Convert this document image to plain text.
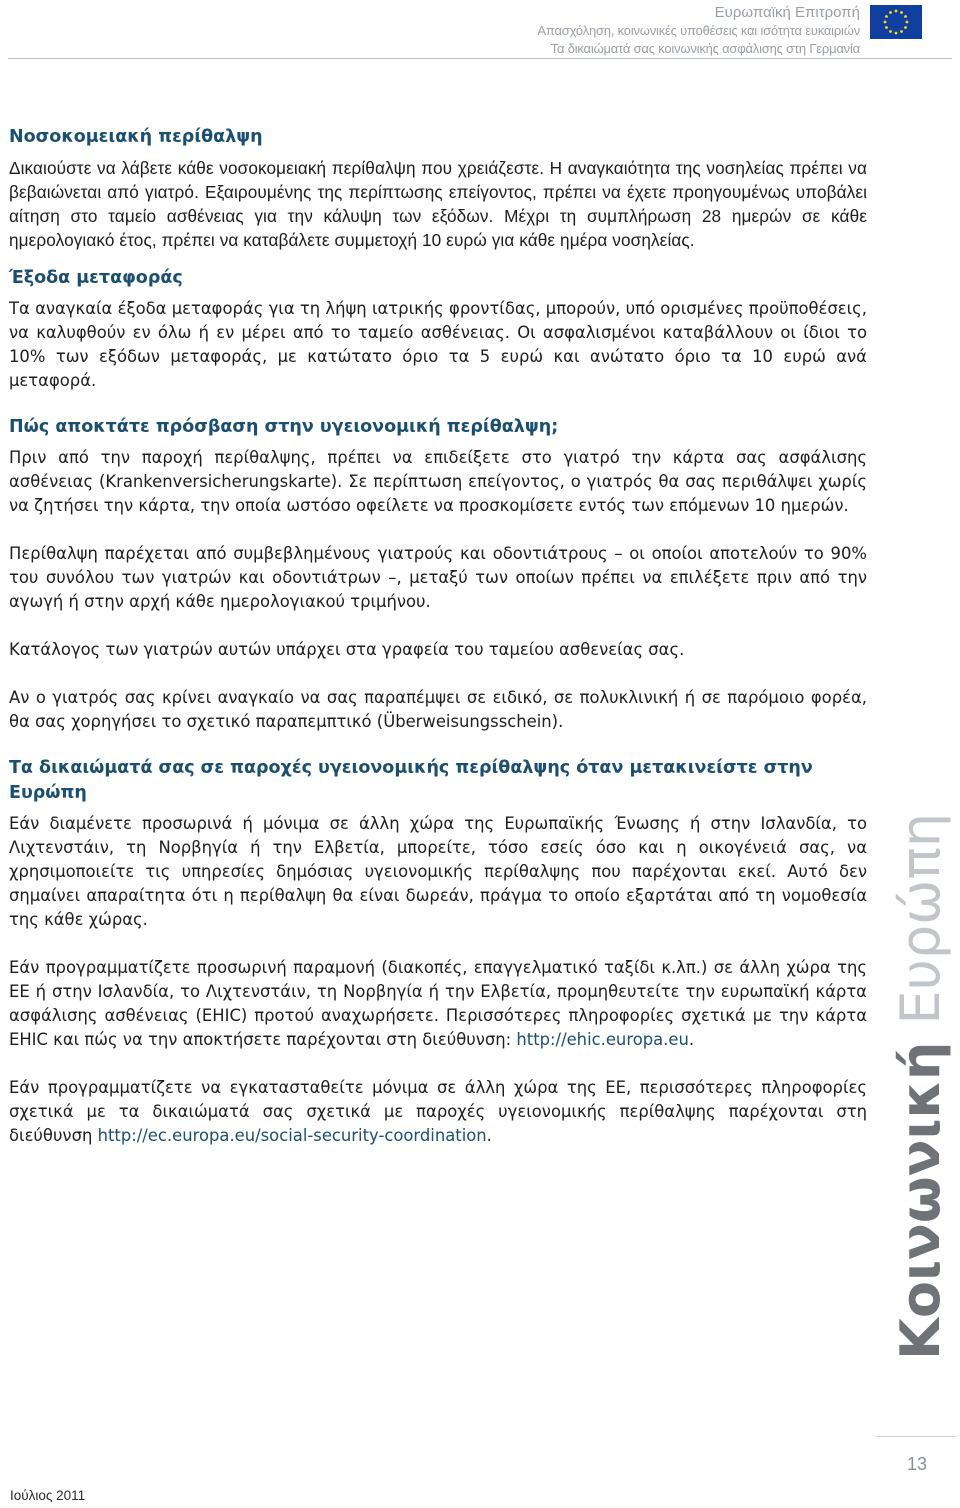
Ευρωπαϊκή Επιτροπή
Απασχόληση, κοινωνικές υποθέσεις και ισότητα ευκαιριών
Τα δικαιώματά σας κοινωνικής ασφάλισης στη Γερμανία
Νοσοκομειακή περίθαλψη

Δικαιούστε να λάβετε κάθε νοσοκομειακή περίθαλψη που χρειάζεστε. Η αναγκαιότητα της νοσηλείας πρέπει να βεβαιώνεται από γιατρό. Εξαιρουμένης της περίπτωσης επείγοντος, πρέπει να έχετε προηγουμένως υποβάλει αίτηση στο ταμείο ασθένειας για την κάλυψη των εξόδων. Μέχρι τη συμπλήρωση 28 ημερών σε κάθε ημερολογιακό έτος, πρέπει να καταβάλετε συμμετοχή 10 ευρώ για κάθε ημέρα νοσηλείας.

Έξοδα μεταφοράς

Τα αναγκαία έξοδα μεταφοράς για τη λήψη ιατρικής φροντίδας, μπορούν, υπό ορισμένες προϋποθέσεις, να καλυφθούν εν όλω ή εν μέρει από το ταμείο ασθένειας. Οι ασφαλισμένοι καταβάλλουν οι ίδιοι το 10% των εξόδων μεταφοράς, με κατώτατο όριο τα 5 ευρώ και ανώτατο όριο τα 10 ευρώ ανά μεταφορά.

Πώς αποκτάτε πρόσβαση στην υγειονομική περίθαλψη;

Πριν από την παροχή περίθαλψης, πρέπει να επιδείξετε στο γιατρό την κάρτα σας ασφάλισης ασθένειας (Krankenversicherungskarte). Σε περίπτωση επείγοντος, ο γιατρός θα σας περιθάλψει χωρίς να ζητήσει την κάρτα, την οποία ωστόσο οφείλετε να προσκομίσετε εντός των επόμενων 10 ημερών.

Περίθαλψη παρέχεται από συμβεβλημένους γιατρούς και οδοντιάτρους – οι οποίοι αποτελούν το 90% του συνόλου των γιατρών και οδοντιάτρων –, μεταξύ των οποίων πρέπει να επιλέξετε πριν από την αγωγή ή στην αρχή κάθε ημερολογιακού τριμήνου.

Κατάλογος των γιατρών αυτών υπάρχει στα γραφεία του ταμείου ασθενείας σας.

Αν ο γιατρός σας κρίνει αναγκαίο να σας παραπέμψει σε ειδικό, σε πολυκλινική ή σε παρόμοιο φορέα, θα σας χορηγήσει το σχετικό παραπεμπτικό (Überweisungsschein).

Τα δικαιώματά σας σε παροχές υγειονομικής περίθαλψης όταν μετακινείστε στην Ευρώπη

Εάν διαμένετε προσωρινά ή μόνιμα σε άλλη χώρα της Ευρωπαϊκής Ένωσης ή στην Ισλανδία, το Λιχτενστάιν, τη Νορβηγία ή την Ελβετία, μπορείτε, τόσο εσείς όσο και η οικογένειά σας, να χρησιμοποιείτε τις υπηρεσίες δημόσιας υγειονομικής περίθαλψης που παρέχονται εκεί. Αυτό δεν σημαίνει απαραίτητα ότι η περίθαλψη θα είναι δωρεάν, πράγμα το οποίο εξαρτάται από τη νομοθεσία της κάθε χώρας.

Εάν προγραμματίζετε προσωρινή παραμονή (διακοπές, επαγγελματικό ταξίδι κ.λπ.) σε άλλη χώρα της ΕΕ ή στην Ισλανδία, το Λιχτενστάιν, τη Νορβηγία ή την Ελβετία, προμηθευτείτε την ευρωπαϊκή κάρτα ασφάλισης ασθένειας (EHIC) προτού αναχωρήσετε. Περισσότερες πληροφορίες σχετικά με την κάρτα EHIC και πώς να την αποκτήσετε παρέχονται στη διεύθυνση: http://ehic.europa.eu.

Εάν προγραμματίζετε να εγκατασταθείτε μόνιμα σε άλλη χώρα της ΕΕ, περισσότερες πληροφορίες σχετικά με τα δικαιώματά σας σχετικά με παροχές υγειονομικής περίθαλψης παρέχονται στη διεύθυνση http://ec.europa.eu/social-security-coordination.	Κοινωνική Ευρώπη
13
Ιούλιος 2011
